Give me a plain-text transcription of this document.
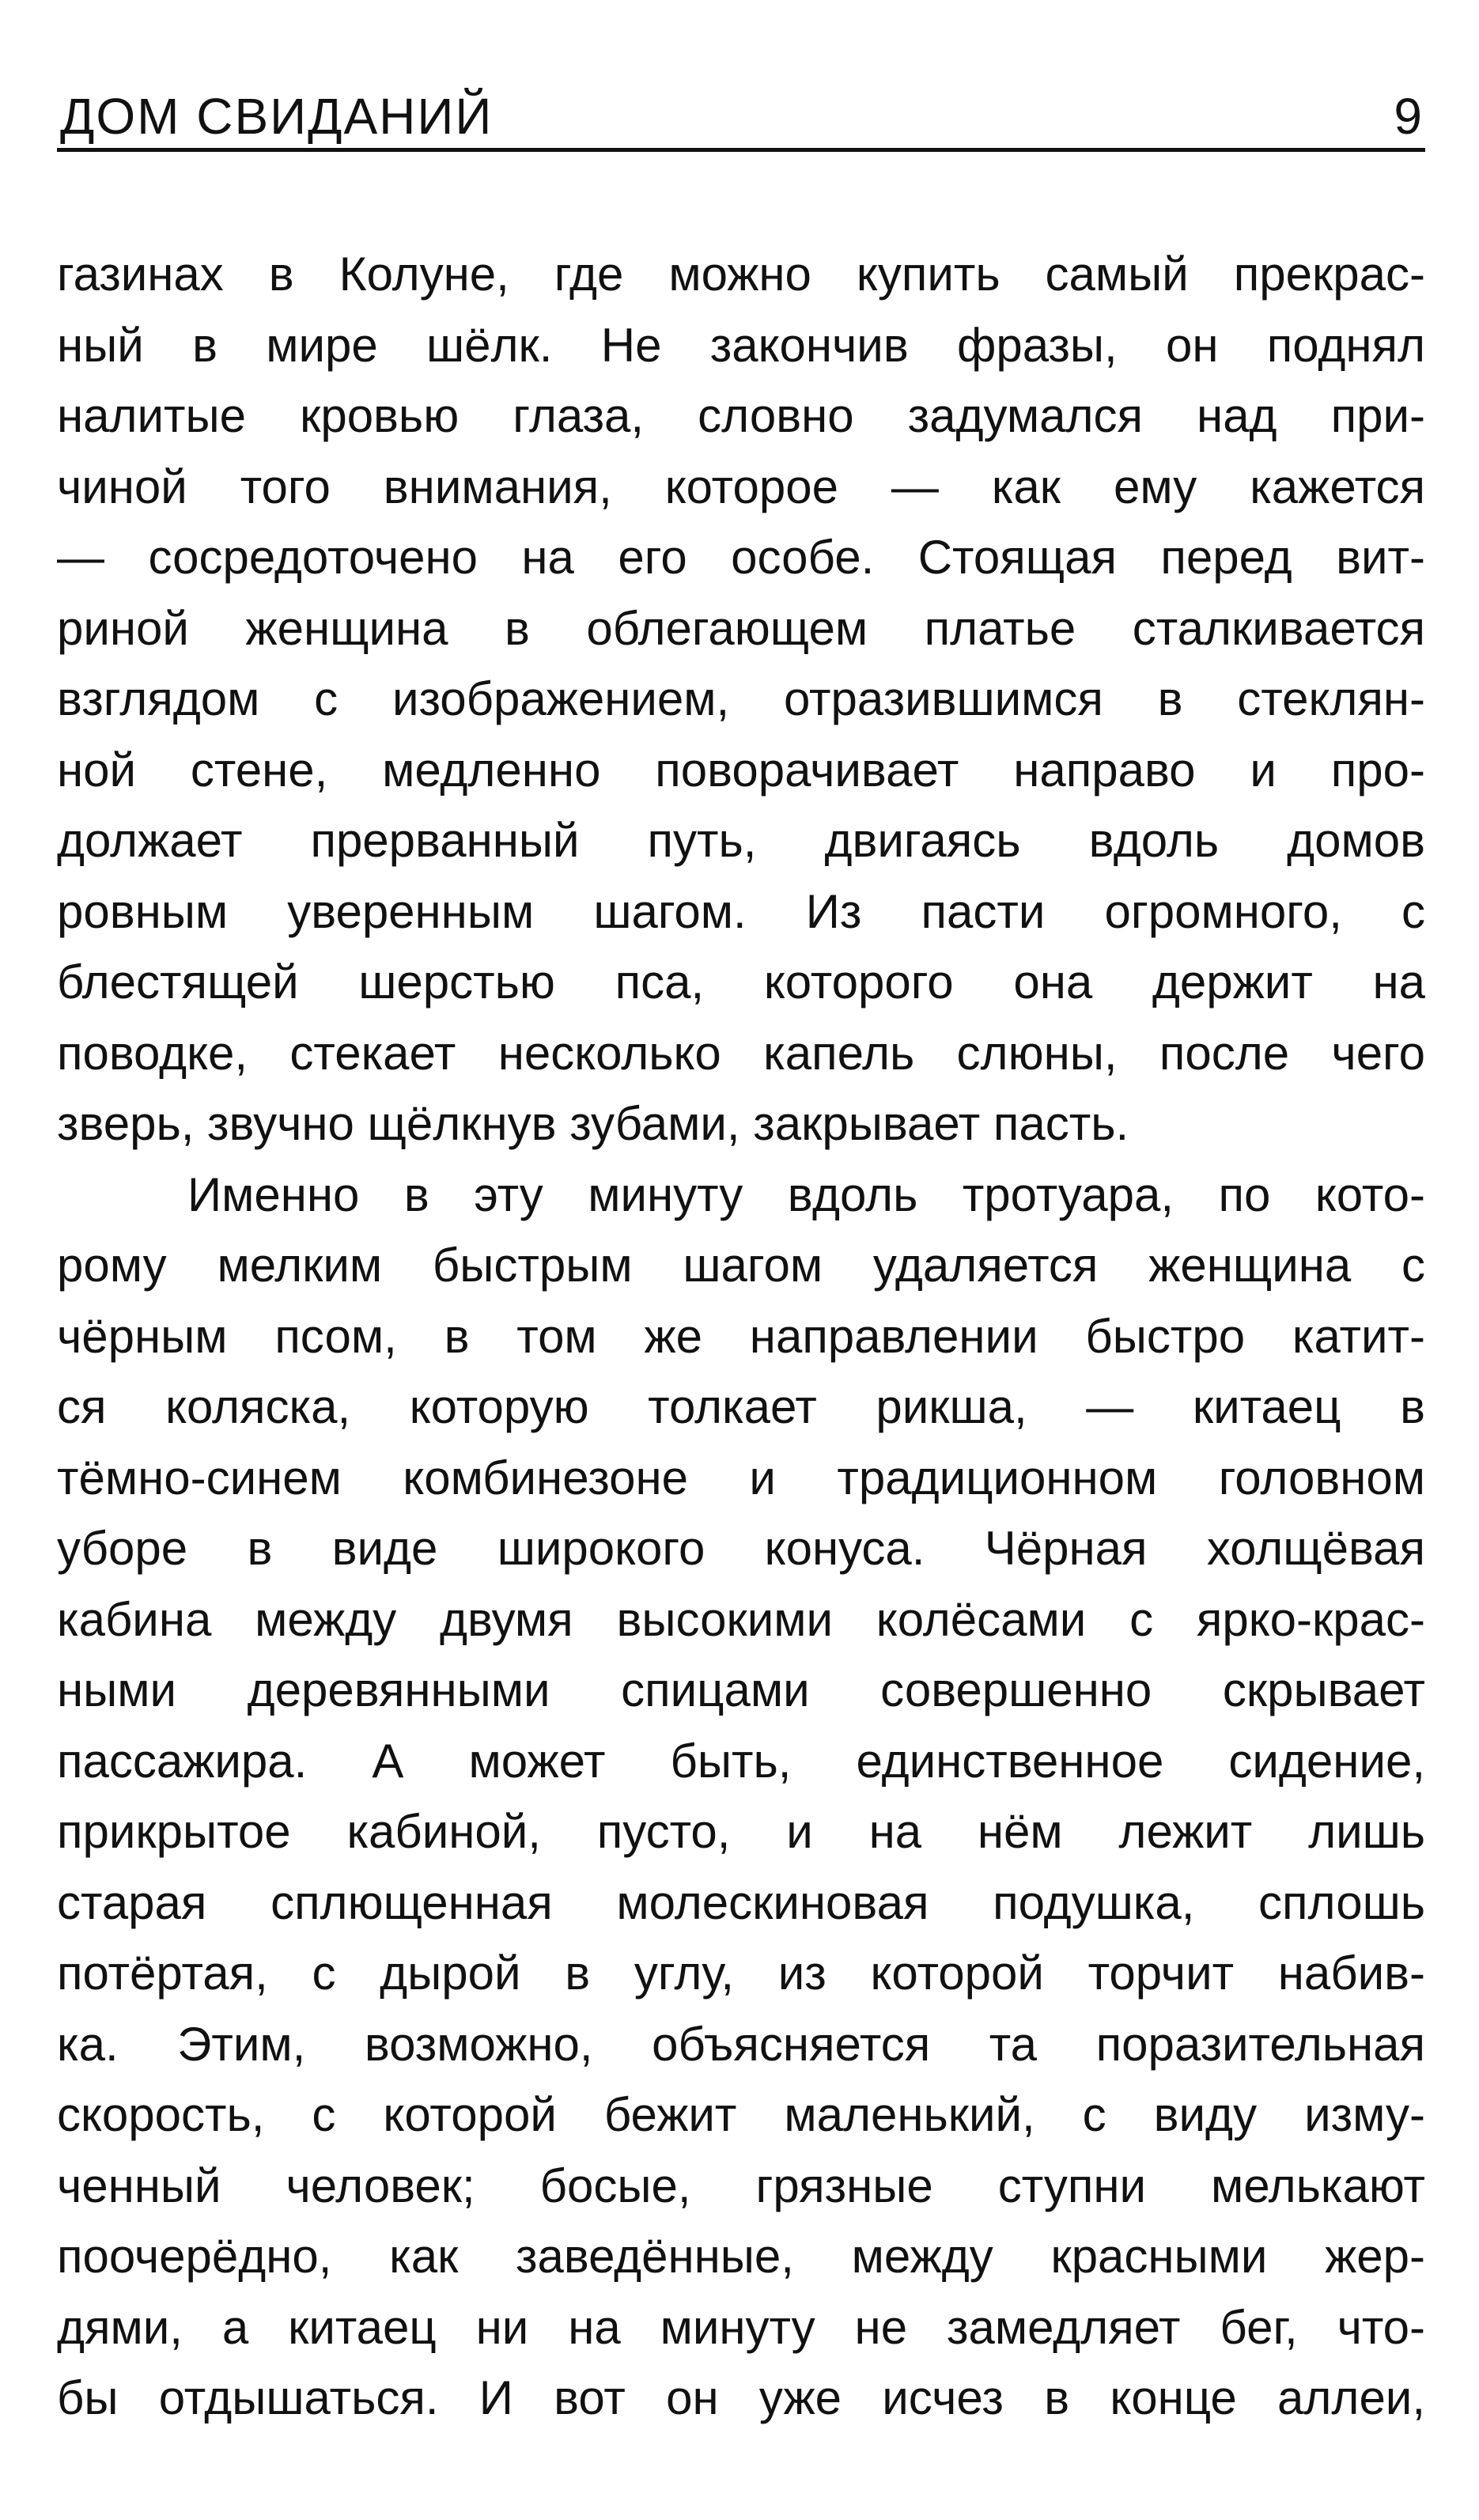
ДОМ СВИДАНИЙ	9

газинах в Колуне, где можно купить самый прекрас-
ный в мире шёлк. Не закончив фразы, он поднял
налитые кровью глаза, словно задумался над при-
чиной того внимания, которое — как ему кажется
— сосредоточено на его особе. Стоящая перед вит-
риной женщина в облегающем платье сталкивается
взглядом с изображением, отразившимся в стеклян-
ной стене, медленно поворачивает направо и про-
должает прерванный путь, двигаясь вдоль домов
ровным уверенным шагом. Из пасти огромного, с
блестящей шерстью пса, которого она держит на
поводке, стекает несколько капель слюны, после чего
зверь, звучно щёлкнув зубами, закрывает пасть.

Именно в эту минуту вдоль тротуара, по кото-
рому мелким быстрым шагом удаляется женщина с
чёрным псом, в том же направлении быстро катит-
ся коляска, которую толкает рикша, — китаец в
тёмно-синем комбинезоне и традиционном головном
уборе в виде широкого конуса. Чёрная холщёвая
кабина между двумя высокими колёсами с ярко-крас-
ными деревянными спицами совершенно скрывает
пассажира. А может быть, единственное сидение,
прикрытое кабиной, пусто, и на нём лежит лишь
старая сплющенная молескиновая подушка, сплошь
потёртая, с дырой в углу, из которой торчит набив-
ка. Этим, возможно, объясняется та поразительная
скорость, с которой бежит маленький, с виду изму-
ченный человек; босые, грязные ступни мелькают
поочерёдно, как заведённые, между красными жер-
дями, а китаец ни на минуту не замедляет бег, что-
бы отдышаться. И вот он уже исчез в конце аллеи,
